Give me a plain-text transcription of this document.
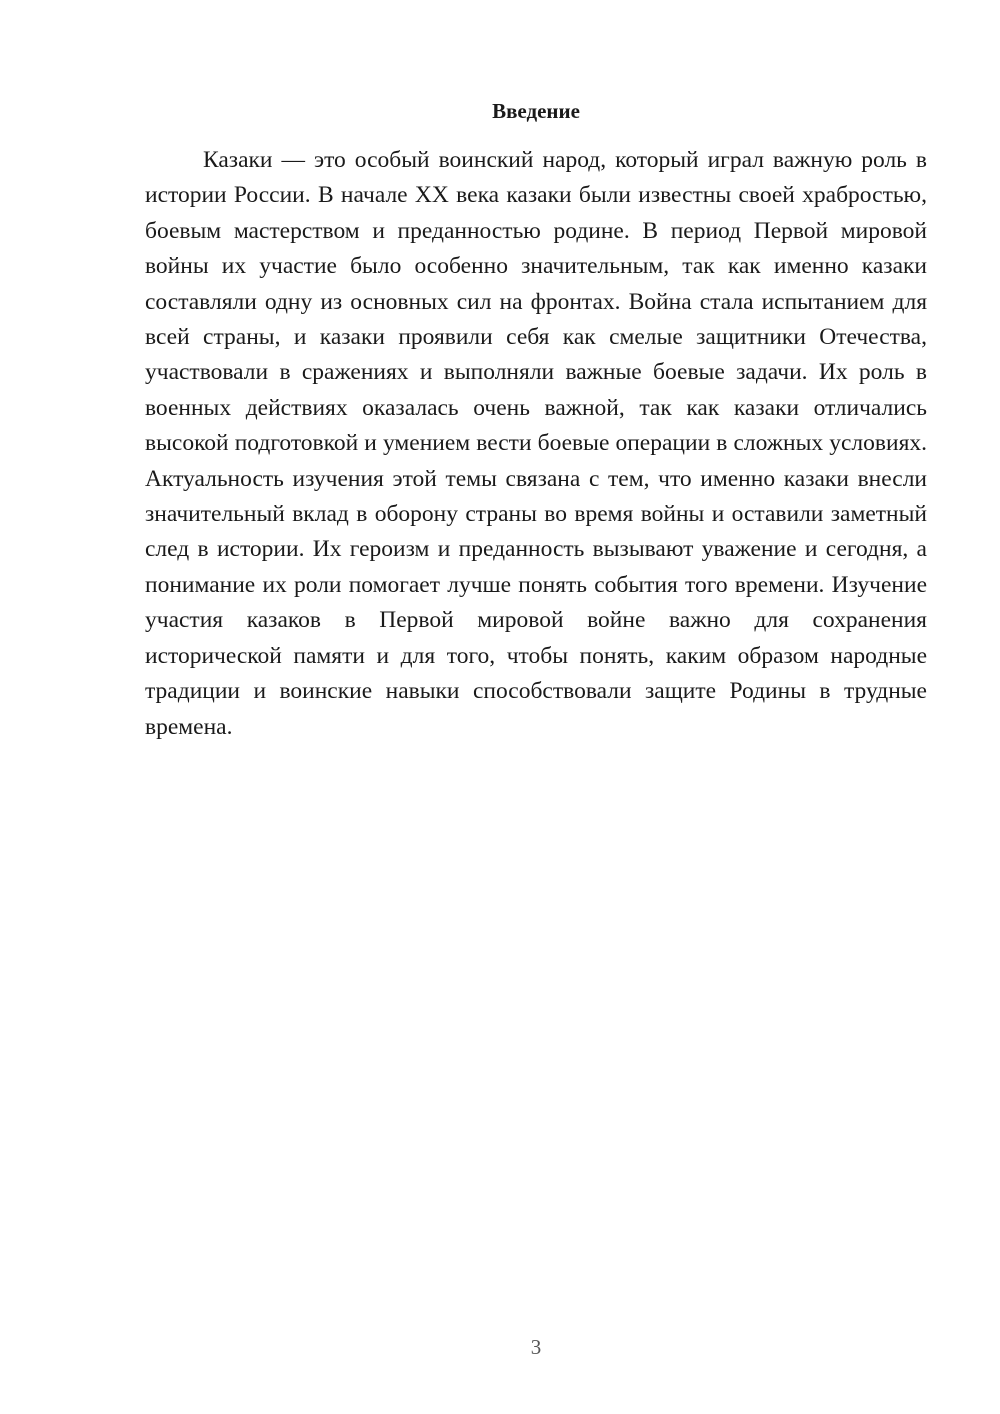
Введение

Казаки — это особый воинский народ, который играл важную роль в истории России. В начале XX века казаки были известны своей храбростью, боевым мастерством и преданностью родине. В период Первой мировой войны их участие было особенно значительным, так как именно казаки составляли одну из основных сил на фронтах. Война стала испытанием для всей страны, и казаки проявили себя как смелые защитники Отечества, участвовали в сражениях и выполняли важные боевые задачи. Их роль в военных действиях оказалась очень важной, так как казаки отличались высокой подготовкой и умением вести боевые операции в сложных условиях. Актуальность изучения этой темы связана с тем, что именно казаки внесли значительный вклад в оборону страны во время войны и оставили заметный след в истории. Их героизм и преданность вызывают уважение и сегодня, а понимание их роли помогает лучше понять события того времени. Изучение участия казаков в Первой мировой войне важно для сохранения исторической памяти и для того, чтобы понять, каким образом народные традиции и воинские навыки способствовали защите Родины в трудные времена.

3
